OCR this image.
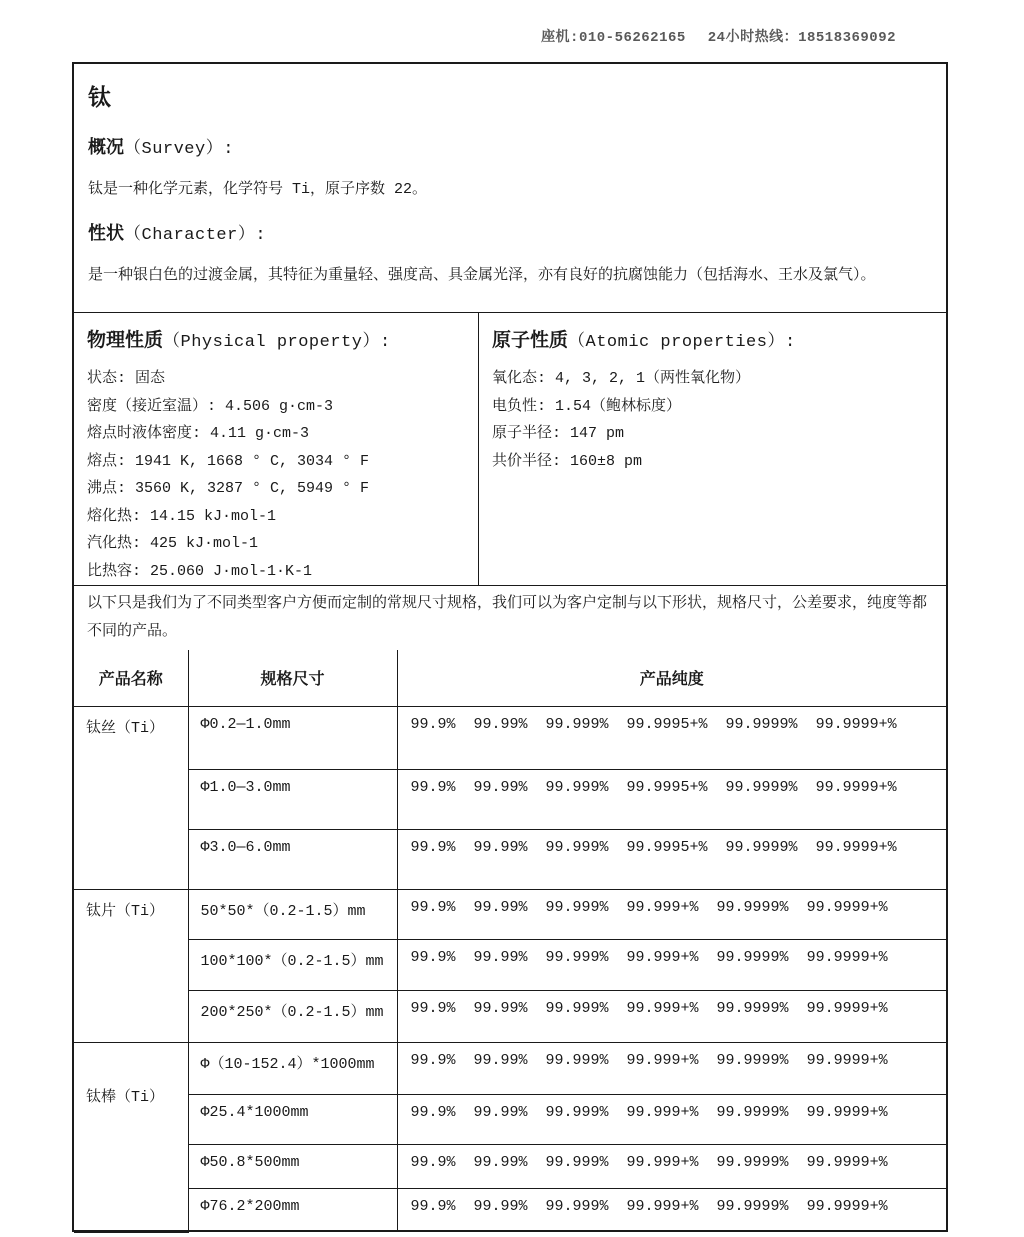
座机:010-56262165 24小时热线：18518369092
钛
概况（Survey）:

钛是一种化学元素，化学符号 Ti，原子序数 22。

性状（Character）:

是一种银白色的过渡金属，其特征为重量轻、强度高、具金属光泽，亦有良好的抗腐蚀能力（包括海水、王水及氯气）。

物理性质（Physical property）:
状态: 固态
密度（接近室温）: 4.506 g·cm-3
熔点时液体密度: 4.11 g·cm-3
熔点: 1941 K, 1668 ° C, 3034 ° F
沸点: 3560 K, 3287 ° C, 5949 ° F
熔化热: 14.15 kJ·mol-1
汽化热: 425 kJ·mol-1
比热容: 25.060 J·mol-1·K-1
原子性质（Atomic properties）:
氧化态: 4, 3, 2, 1（两性氧化物）
电负性: 1.54（鲍林标度）
原子半径: 147 pm
共价半径: 160±8 pm

以下只是我们为了不同类型客户方便而定制的常规尺寸规格，我们可以为客户定制与以下形状，规格尺寸，公差要求，纯度等都不同的产品。

产品名称	规格尺寸	产品纯度
钛丝（Ti）	Φ0.2—1.0mm	99.9%  99.99%  99.999%  99.9995+%  99.9999%  99.9999+%
	Φ1.0—3.0mm	99.9%  99.99%  99.999%  99.9995+%  99.9999%  99.9999+%
	Φ3.0—6.0mm	99.9%  99.99%  99.999%  99.9995+%  99.9999%  99.9999+%
钛片（Ti）	50*50*（0.2-1.5）mm	99.9%  99.99%  99.999%  99.999+%  99.9999%  99.9999+%
	100*100*（0.2-1.5）mm	99.9%  99.99%  99.999%  99.999+%  99.9999%  99.9999+%
	200*250*（0.2-1.5）mm	99.9%  99.99%  99.999%  99.999+%  99.9999%  99.9999+%
钛棒（Ti）	Φ（10-152.4）*1000mm	99.9%  99.99%  99.999%  99.999+%  99.9999%  99.9999+%
	Φ25.4*1000mm	99.9%  99.99%  99.999%  99.999+%  99.9999%  99.9999+%
	Φ50.8*500mm	99.9%  99.99%  99.999%  99.999+%  99.9999%  99.9999+%
	Φ76.2*200mm	99.9%  99.99%  99.999%  99.999+%  99.9999%  99.9999+%
